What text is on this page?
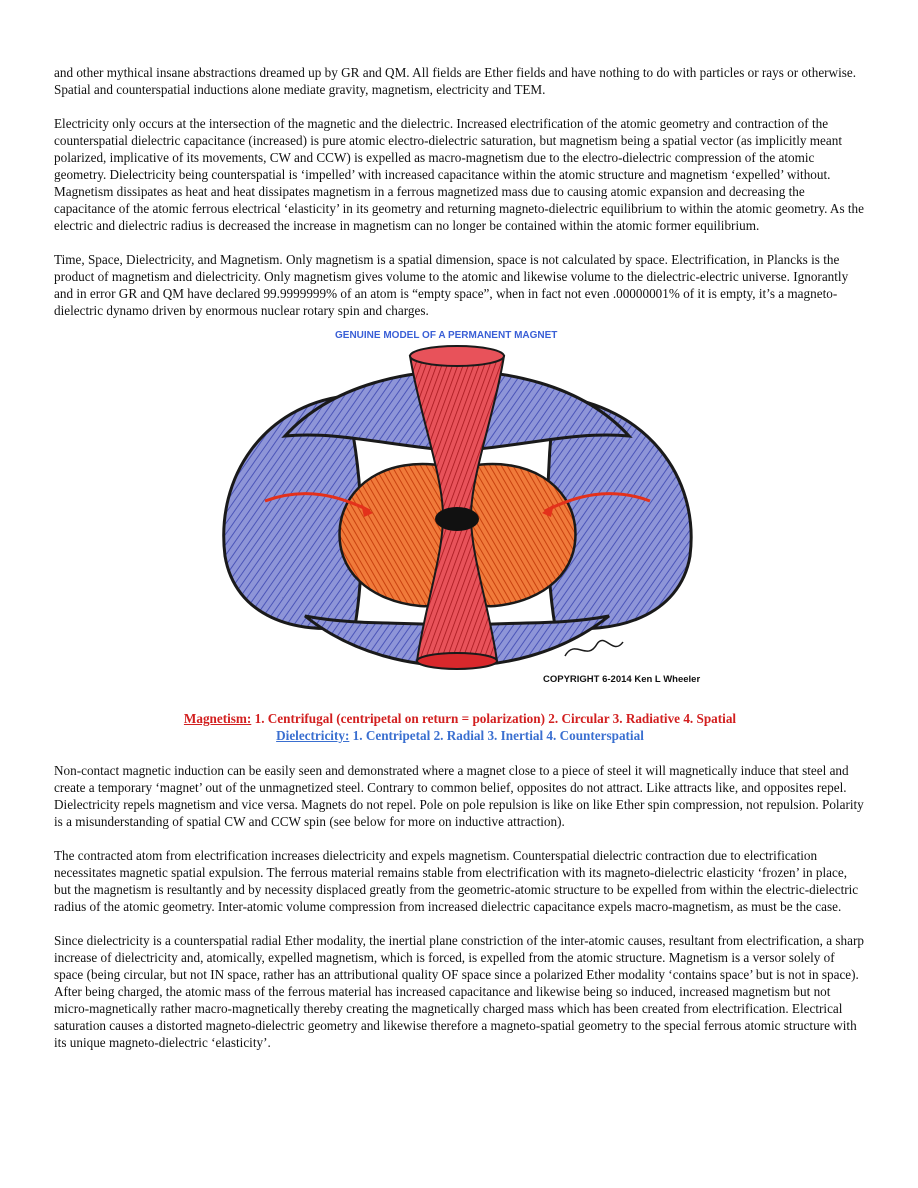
and other mythical insane abstractions dreamed up by GR and QM. All fields are Ether fields and have nothing to do with particles or rays or otherwise. Spatial and counterspatial inductions alone mediate gravity, magnetism, electricity and TEM.

Electricity only occurs at the intersection of the magnetic and the dielectric. Increased electrification of the atomic geometry and contraction of the counterspatial dielectric capacitance (increased) is pure atomic electro-dielectric saturation, but magnetism being a spatial vector (as implicitly meant polarized, implicative of its movements, CW and CCW) is expelled as macro-magnetism due to the electro-dielectric compression of the atomic geometry. Dielectricity being counterspatial is ‘impelled’ with increased capacitance within the atomic structure and magnetism ‘expelled’ without. Magnetism dissipates as heat and heat dissipates magnetism in a ferrous magnetized mass due to causing atomic expansion and decreasing the capacitance of the atomic ferrous electrical ‘elasticity’ in its geometry and returning magneto-dielectric equilibrium to within the atomic geometry. As the electric and dielectric radius is decreased the increase in magnetism can no longer be contained within the atomic former equilibrium.

Time, Space, Dielectricity, and Magnetism. Only magnetism is a spatial dimension, space is not calculated by space. Electrification, in Plancks is the product of magnetism and dielectricity. Only magnetism gives volume to the atomic and likewise volume to the dielectric-electric universe. Ignorantly and in error GR and QM have declared 99.9999999% of an atom is “empty space”, when in fact not even .00000001% of it is empty, it’s a magneto-dielectric dynamo driven by enormous nuclear rotary spin and charges.

GENUINE MODEL OF A PERMANENT MAGNET
COPYRIGHT 6-2014 Ken L Wheeler
Magnetism: 1. Centrifugal (centripetal on return = polarization) 2. Circular 3. Radiative 4. Spatial
Dielectricity: 1. Centripetal 2. Radial 3. Inertial 4. Counterspatial

Non-contact magnetic induction can be easily seen and demonstrated where a magnet close to a piece of steel it will magnetically induce that steel and create a temporary ‘magnet’ out of the unmagnetized steel. Contrary to common belief, opposites do not attract. Like attracts like, and opposites repel. Dielectricity repels magnetism and vice versa. Magnets do not repel. Pole on pole repulsion is like on like Ether spin compression, not repulsion. Polarity is a misunderstanding of spatial CW and CCW spin (see below for more on inductive attraction).

The contracted atom from electrification increases dielectricity and expels magnetism. Counterspatial dielectric contraction due to electrification necessitates magnetic spatial expulsion. The ferrous material remains stable from electrification with its magneto-dielectric elasticity ‘frozen’ in place, but the magnetism is resultantly and by necessity displaced greatly from the geometric-atomic structure to be expelled from within the electric-dielectric radius of the atomic geometry. Inter-atomic volume compression from increased dielectric capacitance expels macro-magnetism, as must be the case.

Since dielectricity is a counterspatial radial Ether modality, the inertial plane constriction of the inter-atomic causes, resultant from electrification, a sharp increase of dielectricity and, atomically, expelled magnetism, which is forced, is expelled from the atomic structure. Magnetism is a versor solely of space (being circular, but not IN space, rather has an attributional quality OF space since a polarized Ether modality ‘contains space’ but is not in space). After being charged, the atomic mass of the ferrous material has increased capacitance and likewise being so induced, increased magnetism but not micro-magnetically rather macro-magnetically thereby creating the magnetically charged mass which has been created from electrification. Electrical saturation causes a distorted magneto-dielectric geometry and likewise therefore a magneto-spatial geometry to the special ferrous atomic structure with its unique magneto-dielectric ‘elasticity’.
